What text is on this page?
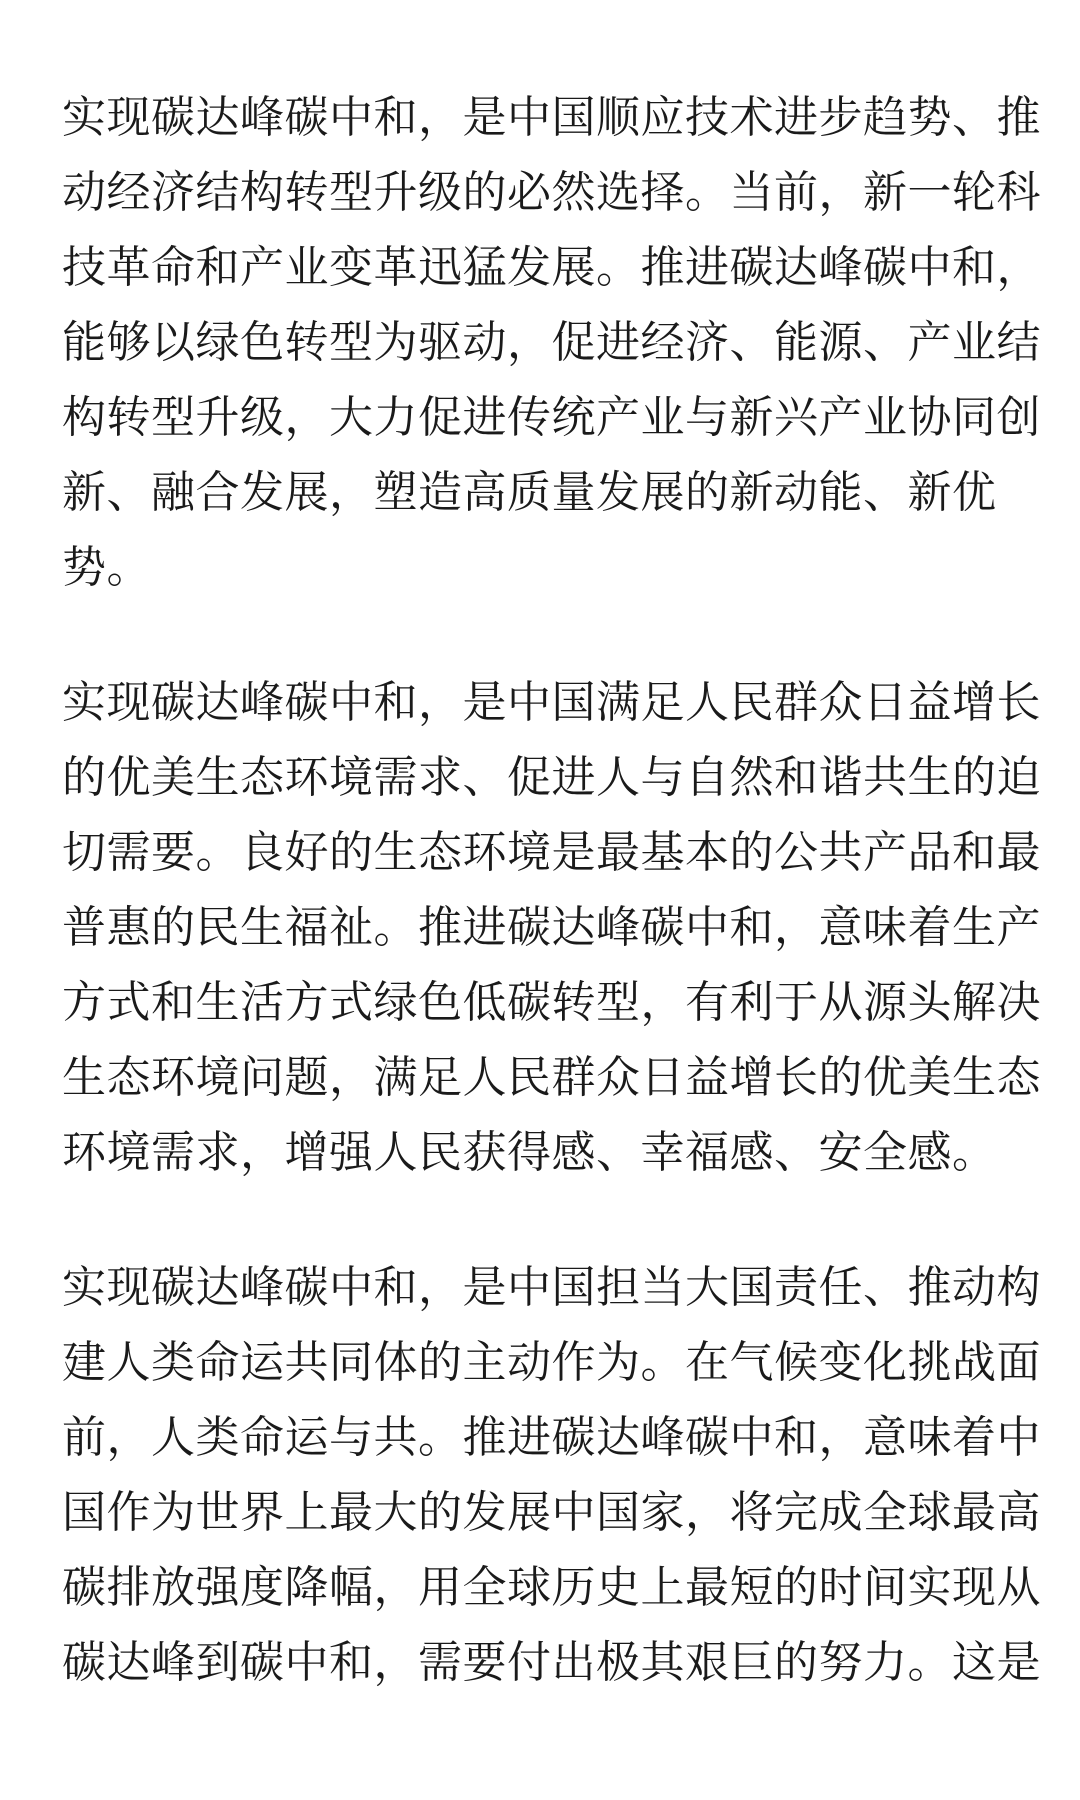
实现碳达峰碳中和，是中国顺应技术进步趋势、推
动经济结构转型升级的必然选择。当前，新一轮科
技革命和产业变革迅猛发展。推进碳达峰碳中和，
能够以绿色转型为驱动，促进经济、能源、产业结
构转型升级，大力促进传统产业与新兴产业协同创
新、融合发展，塑造高质量发展的新动能、新优
势。

实现碳达峰碳中和，是中国满足人民群众日益增长
的优美生态环境需求、促进人与自然和谐共生的迫
切需要。良好的生态环境是最基本的公共产品和最
普惠的民生福祉。推进碳达峰碳中和，意味着生产
方式和生活方式绿色低碳转型，有利于从源头解决
生态环境问题，满足人民群众日益增长的优美生态
环境需求，增强人民获得感、幸福感、安全感。

实现碳达峰碳中和，是中国担当大国责任、推动构
建人类命运共同体的主动作为。在气候变化挑战面
前，人类命运与共。推进碳达峰碳中和，意味着中
国作为世界上最大的发展中国家，将完成全球最高
碳排放强度降幅，用全球历史上最短的时间实现从
碳达峰到碳中和，需要付出极其艰巨的努力。这是
